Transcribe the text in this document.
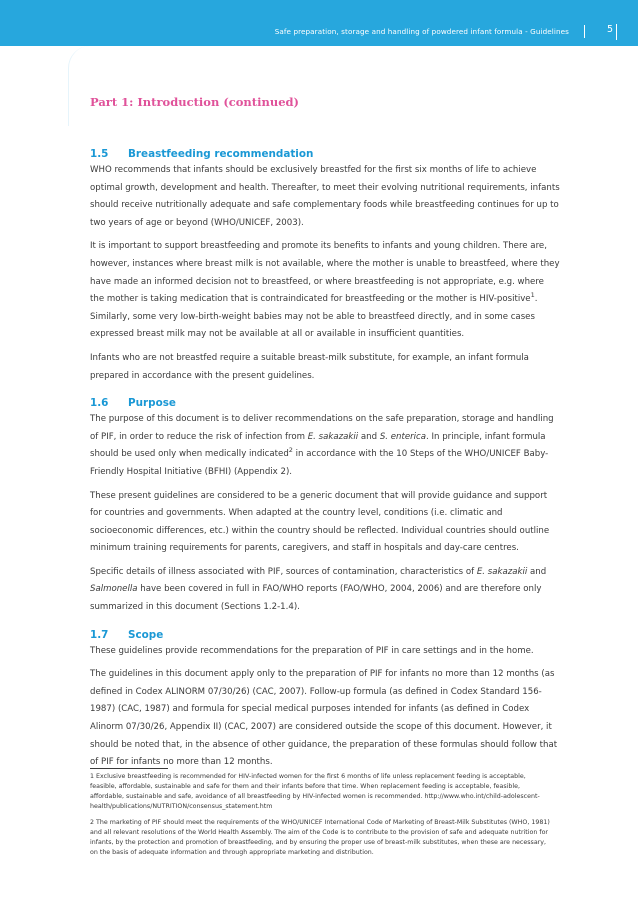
Safe preparation, storage and handling of powdered infant formula - Guidelines	5
Part 1: Introduction (continued)
1.5	Breastfeeding recommendation

WHO recommends that infants should be exclusively breastfed for the first six months of life to achieve optimal growth, development and health. Thereafter, to meet their evolving nutritional requirements, infants should receive nutritionally adequate and safe complementary foods while breastfeeding continues for up to two years of age or beyond (WHO/UNICEF, 2003).

It is important to support breastfeeding and promote its benefits to infants and young children. There are, however, instances where breast milk is not available, where the mother is unable to breastfeed, where they have made an informed decision not to breastfeed, or where breastfeeding is not appropriate, e.g. where the mother is taking medication that is contraindicated for breastfeeding or the mother is HIV-positive$^1$. Similarly, some very low-birth-weight babies may not be able to breastfeed directly, and in some cases expressed breast milk may not be available at all or available in insufficient quantities.

Infants who are not breastfed require a suitable breast-milk substitute, for example, an infant formula prepared in accordance with the present guidelines.

1.6	Purpose

The purpose of this document is to deliver recommendations on the safe preparation, storage and handling of PIF, in order to reduce the risk of infection from E. sakazakii and S. enterica. In principle, infant formula should be used only when medically indicated$^2$ in accordance with the 10 Steps of the WHO/UNICEF Baby-Friendly Hospital Initiative (BFHI) (Appendix 2).

These present guidelines are considered to be a generic document that will provide guidance and support for countries and governments. When adapted at the country level, conditions (i.e. climatic and socioeconomic differences, etc.) within the country should be reflected. Individual countries should outline minimum training requirements for parents, caregivers, and staff in hospitals and day-care centres.

Specific details of illness associated with PIF, sources of contamination, characteristics of E. sakazakii and Salmonella have been covered in full in FAO/WHO reports (FAO/WHO, 2004, 2006) and are therefore only summarized in this document (Sections 1.2-1.4).

1.7	Scope

These guidelines provide recommendations for the preparation of PIF in care settings and in the home.

The guidelines in this document apply only to the preparation of PIF for infants no more than 12 months (as defined in Codex ALINORM 07/30/26) (CAC, 2007). Follow-up formula (as defined in Codex Standard 156-1987) (CAC, 1987) and formula for special medical purposes intended for infants (as defined in Codex Alinorm 07/30/26, Appendix II) (CAC, 2007) are considered outside the scope of this document. However, it should be noted that, in the absence of other guidance, the preparation of these formulas should follow that of PIF for infants no more than 12 months.

1 Exclusive breastfeeding is recommended for HIV-infected women for the first 6 months of life unless replacement feeding is acceptable, feasible, affordable, sustainable and safe for them and their infants before that time. When replacement feeding is acceptable, feasible, affordable, sustainable and safe, avoidance of all breastfeeding by HIV-infected women is recommended. http://www.who.int/child-adolescent-health/publications/NUTRITION/consensus_statement.htm

2 The marketing of PIF should meet the requirements of the WHO/UNICEF International Code of Marketing of Breast-Milk Substitutes (WHO, 1981) and all relevant resolutions of the World Health Assembly. The aim of the Code is to contribute to the provision of safe and adequate nutrition for infants, by the protection and promotion of breastfeeding, and by ensuring the proper use of breast-milk substitutes, when these are necessary, on the basis of adequate information and through appropriate marketing and distribution.
